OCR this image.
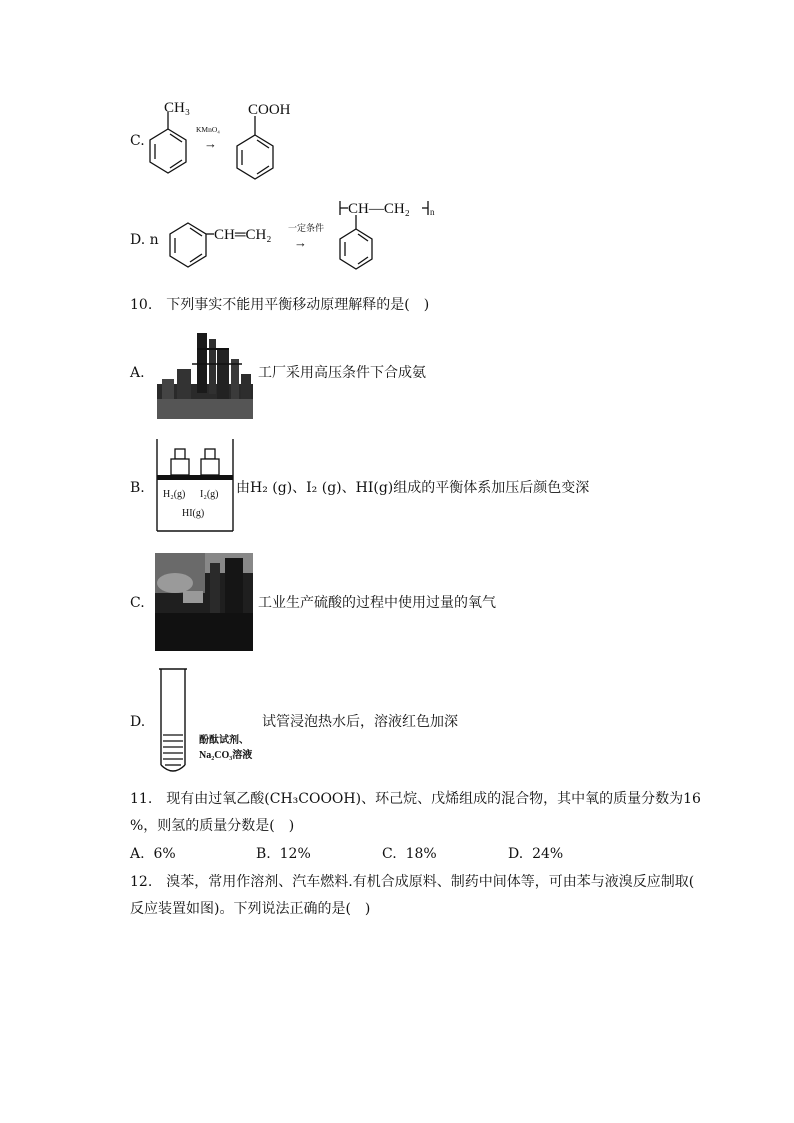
C.
CH₃
KMnO₄
→
COOH
D. n	CH═CH₂ 一定条件
→
CH—CH₂ n
10.　下列事实不能用平衡移动原理解释的是(　)
A.	工厂采用高压条件下合成氨
B. H₂(g) I₂(g)
HI(g)
由H₂ (g)、I₂ (g)、HI(g)组成的平衡体系加压后颜色变深
C.	工业生产硫酸的过程中使用过量的氧气
D.
酚酞试剂、
Na₂CO₃溶液
试管浸泡热水后，溶液红色加深
11.　现有由过氧乙酸(CH₃COOOH)、环己烷、戊烯组成的混合物，其中氧的质量分数为16
%，则氢的质量分数是(　)
A.  6%	B.  12%	C.  18%	D.  24%
12.　溴苯，常用作溶剂、汽车燃料.有机合成原料、制药中间体等，可由苯与液溴反应制取(
反应装置如图)。下列说法正确的是(　)
